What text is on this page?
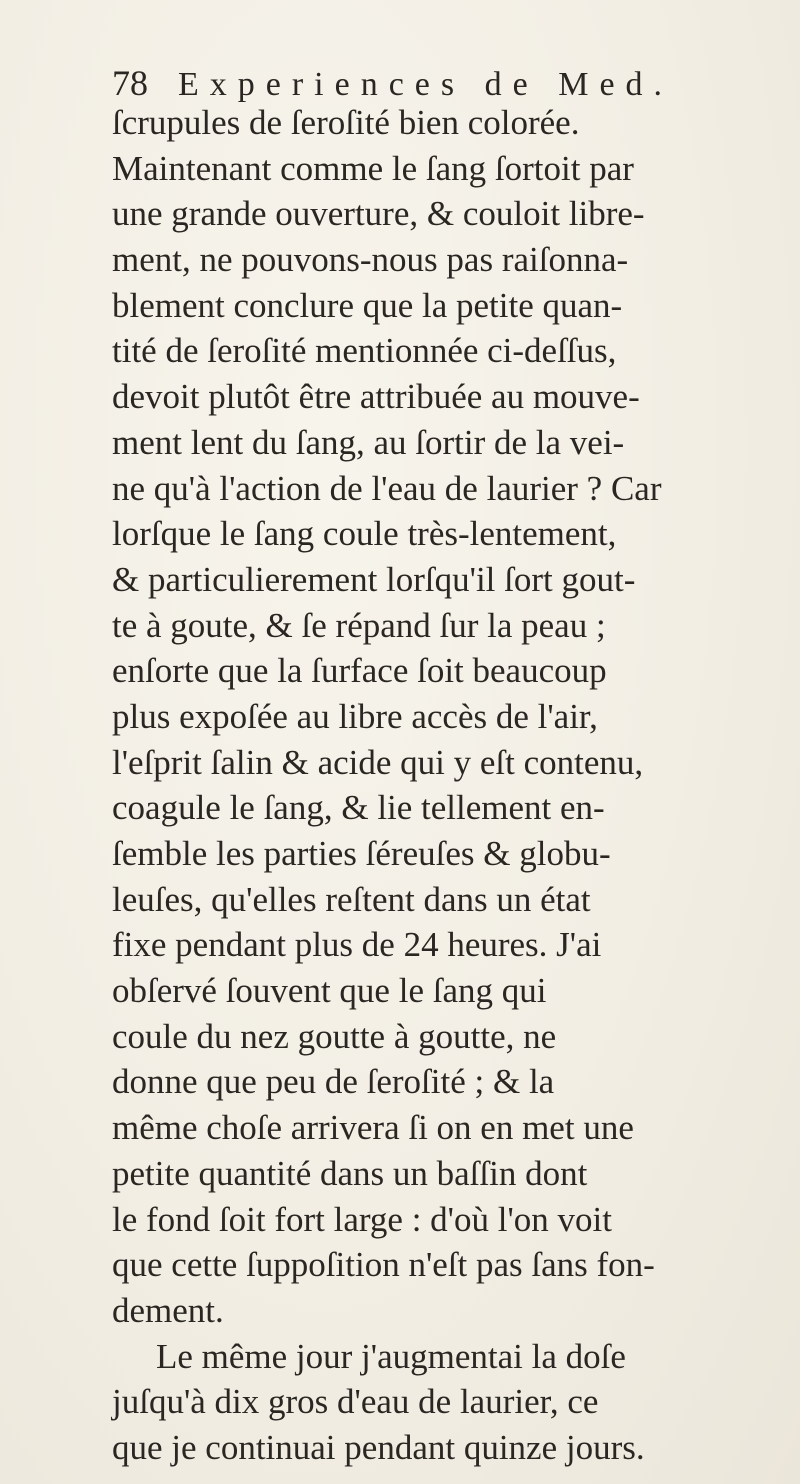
78 Experiences de Med.
ſcrupules de ſeroſité bien colorée.
Maintenant comme le ſang ſortoit par
une grande ouverture, & couloit libre-
ment, ne pouvons-nous pas raiſonna-
blement conclure que la petite quan-
tité de ſeroſité mentionnée ci-deſſus,
devoit plutôt être attribuée au mouve-
ment lent du ſang, au ſortir de la vei-
ne qu'à l'action de l'eau de laurier ? Car
lorſque le ſang coule très-lentement,
& particulierement lorſqu'il ſort gout-
te à goute, & ſe répand ſur la peau ;
enſorte que la ſurface ſoit beaucoup
plus expoſée au libre accès de l'air,
l'eſprit ſalin & acide qui y eſt contenu,
coagule le ſang, & lie tellement en-
ſemble les parties ſéreuſes & globu-
leuſes, qu'elles reſtent dans un état
fixe pendant plus de 24 heures. J'ai
obſervé ſouvent que le ſang qui
coule du nez goutte à goutte, ne
donne que peu de ſeroſité ; & la
même choſe arrivera ſi on en met une
petite quantité dans un baſſin dont
le fond ſoit fort large : d'où l'on voit
que cette ſuppoſition n'eſt pas ſans fon-
dement.
Le même jour j'augmentai la doſe
juſqu'à dix gros d'eau de laurier, ce
que je continuai pendant quinze jours.
